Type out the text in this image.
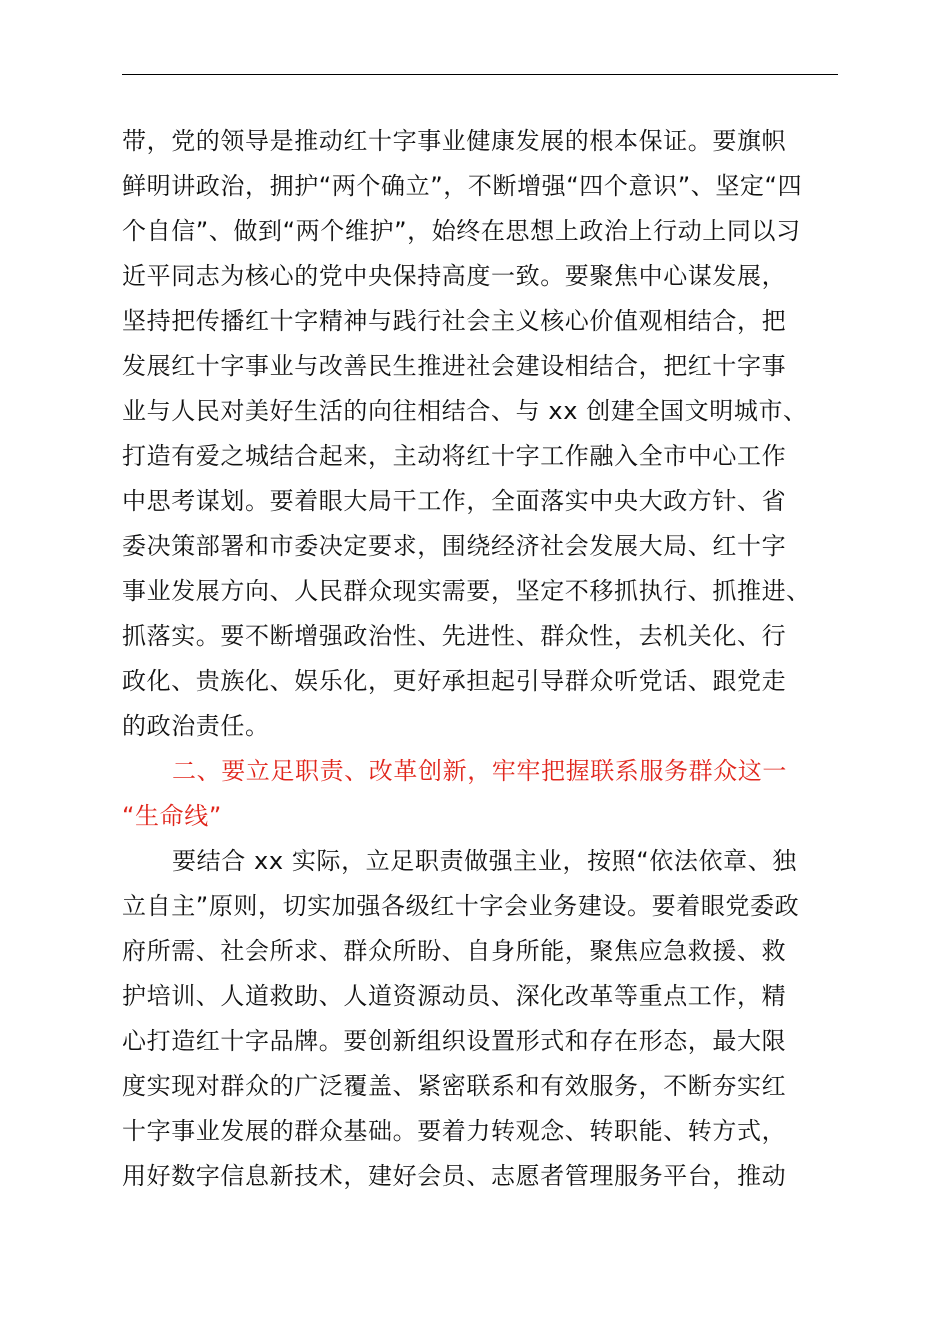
带，党的领导是推动红十字事业健康发展的根本保证。要旗帜
鲜明讲政治，拥护“两个确立”，不断增强“四个意识”、坚定“四
个自信”、做到“两个维护”，始终在思想上政治上行动上同以习
近平同志为核心的党中央保持高度一致。要聚焦中心谋发展，
坚持把传播红十字精神与践行社会主义核心价值观相结合，把
发展红十字事业与改善民生推进社会建设相结合，把红十字事
业与人民对美好生活的向往相结合、与 xx 创建全国文明城市、
打造有爱之城结合起来，主动将红十字工作融入全市中心工作
中思考谋划。要着眼大局干工作，全面落实中央大政方针、省
委决策部署和市委决定要求，围绕经济社会发展大局、红十字
事业发展方向、人民群众现实需要，坚定不移抓执行、抓推进、
抓落实。要不断增强政治性、先进性、群众性，去机关化、行
政化、贵族化、娱乐化，更好承担起引导群众听党话、跟党走
的政治责任。
二、要立足职责、改革创新，牢牢把握联系服务群众这一
“生命线”
要结合 xx 实际，立足职责做强主业，按照“依法依章、独
立自主”原则，切实加强各级红十字会业务建设。要着眼党委政
府所需、社会所求、群众所盼、自身所能，聚焦应急救援、救
护培训、人道救助、人道资源动员、深化改革等重点工作，精
心打造红十字品牌。要创新组织设置形式和存在形态，最大限
度实现对群众的广泛覆盖、紧密联系和有效服务，不断夯实红
十字事业发展的群众基础。要着力转观念、转职能、转方式，
用好数字信息新技术，建好会员、志愿者管理服务平台，推动
